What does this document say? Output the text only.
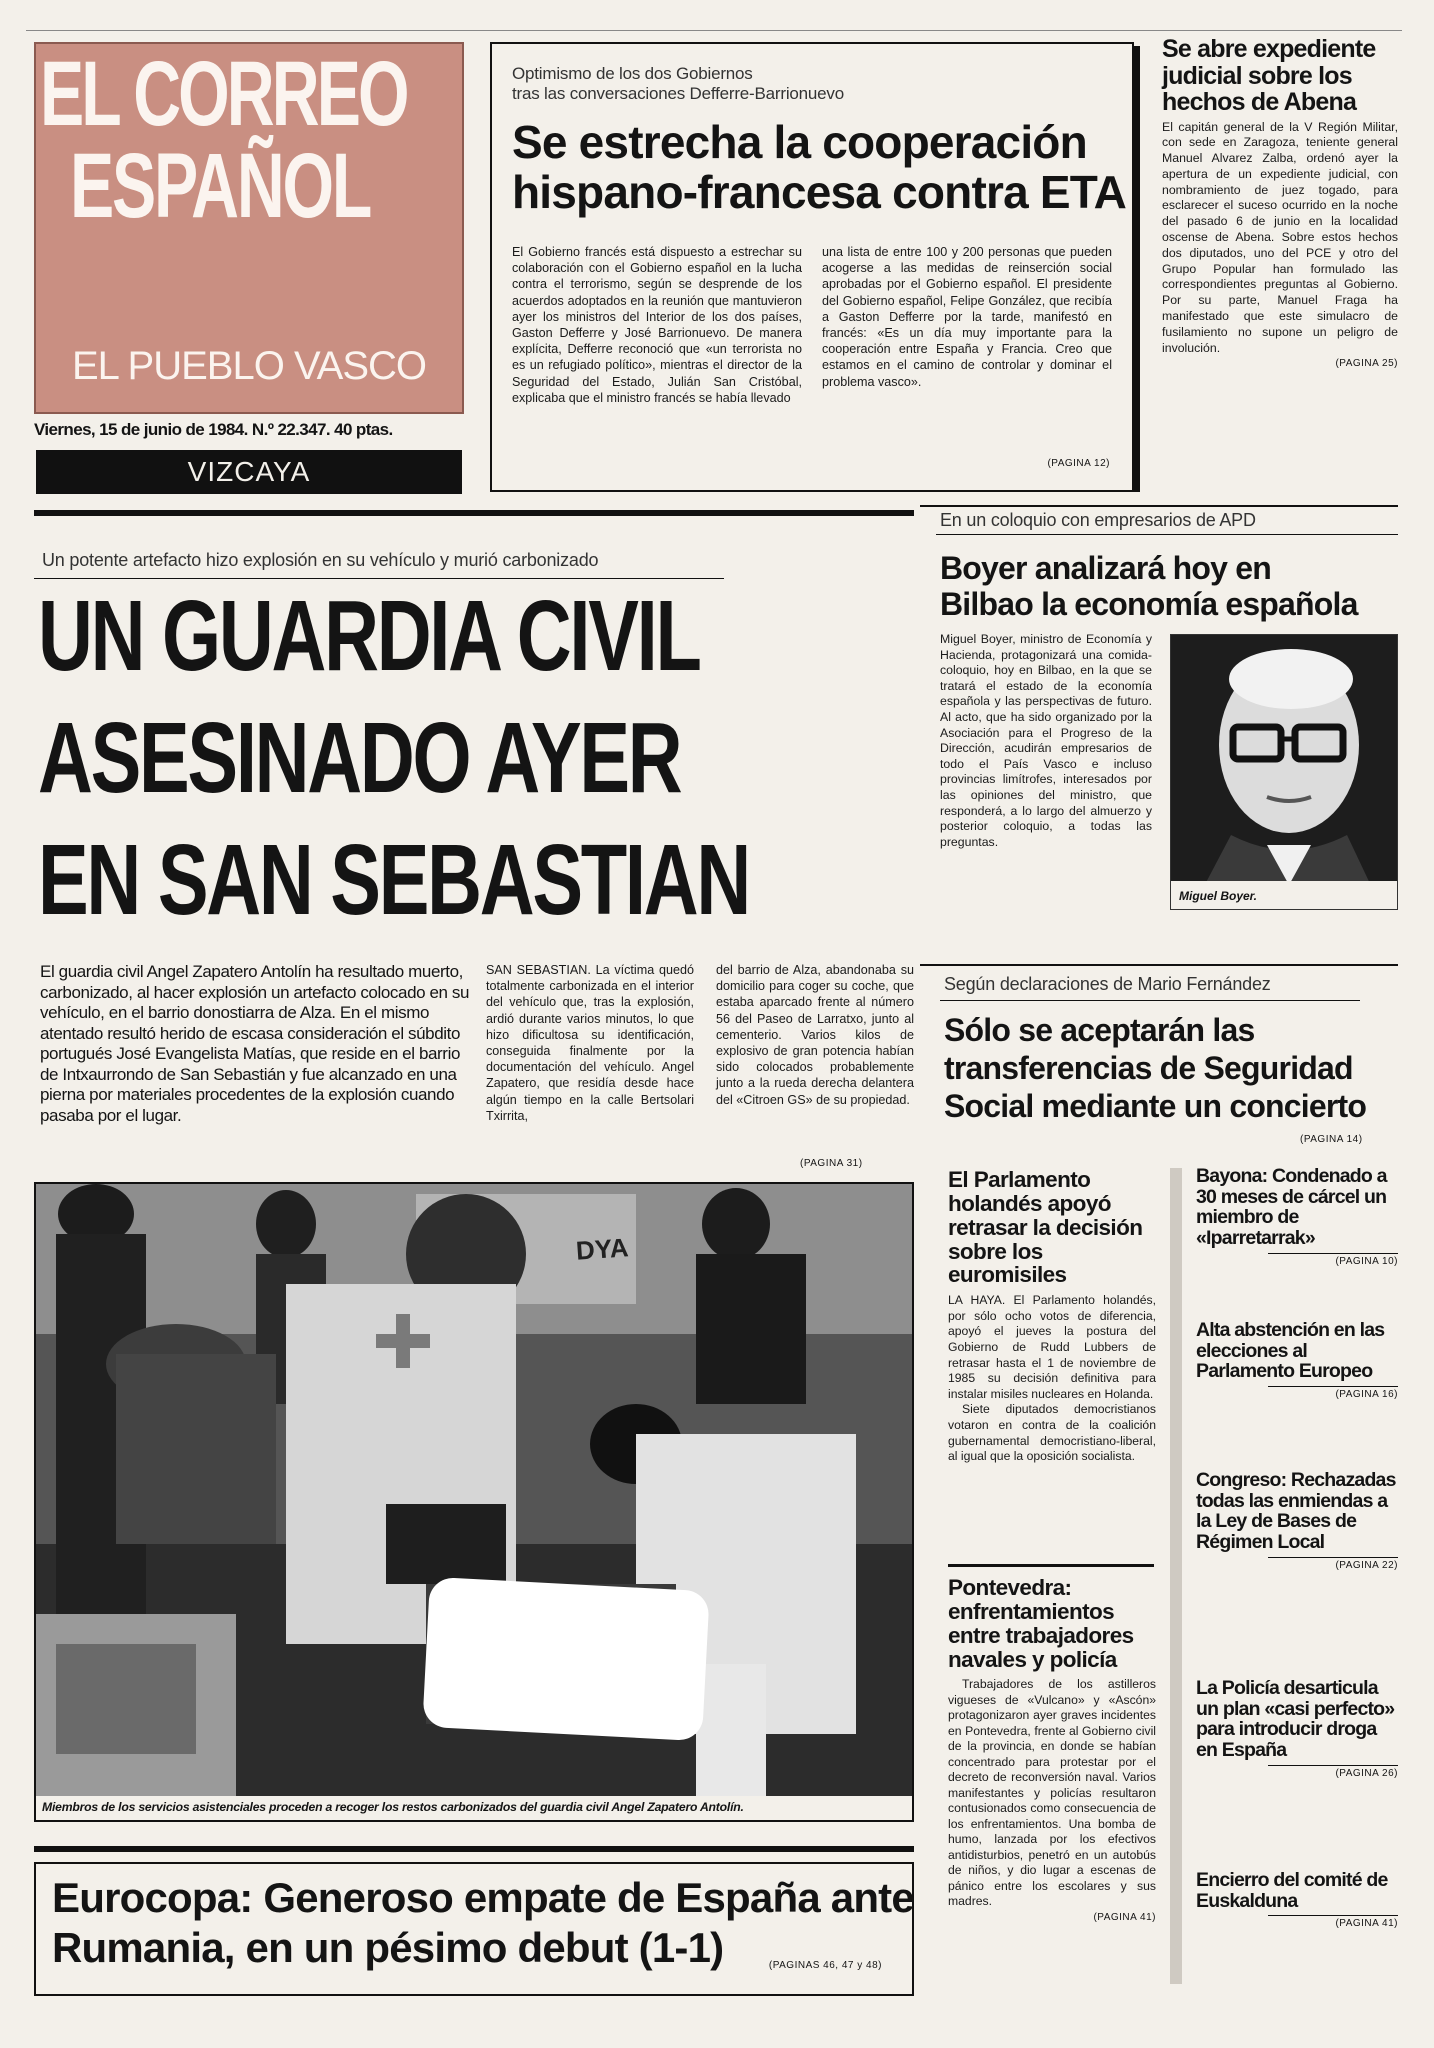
EL CORREO
ESPAÑOL
EL PUEBLO VASCO
Viernes, 15 de junio de 1984. N.º 22.347. 40 ptas.
VIZCAYA
Optimismo de los dos Gobiernos
tras las conversaciones Defferre-Barrionuevo
Se estrecha la cooperación
hispano-francesa contra ETA
El Gobierno francés está dispuesto a estrechar su colaboración con el Gobierno español en la lucha contra el terrorismo, según se desprende de los acuerdos adoptados en la reunión que mantuvieron ayer los ministros del Interior de los dos países, Gaston Defferre y José Barrionuevo. De manera explícita, Defferre reconoció que «un terrorista no es un refugiado político», mientras el director de la Seguridad del Estado, Julián San Cristóbal, explicaba que el ministro francés se había llevado
una lista de entre 100 y 200 personas que pueden acogerse a las medidas de reinserción social aprobadas por el Gobierno español. El presidente del Gobierno español, Felipe González, que recibía a Gaston Defferre por la tarde, manifestó en francés: «Es un día muy importante para la cooperación entre España y Francia. Creo que estamos en el camino de controlar y dominar el problema vasco».
(PAGINA 12)
Se abre expediente judicial sobre los hechos de Abena
El capitán general de la V Región Militar, con sede en Zaragoza, teniente general Manuel Alvarez Zalba, ordenó ayer la apertura de un expediente judicial, con nombramiento de juez togado, para esclarecer el suceso ocurrido en la noche del pasado 6 de junio en la localidad oscense de Abena. Sobre estos hechos dos diputados, uno del PCE y otro del Grupo Popular han formulado las correspondientes preguntas al Gobierno. Por su parte, Manuel Fraga ha manifestado que este simulacro de fusilamiento no supone un peligro de involución.
(PAGINA 25)
Un potente artefacto hizo explosión en su vehículo y murió carbonizado
UN GUARDIA CIVIL
ASESINADO AYER
EN SAN SEBASTIAN
El guardia civil Angel Zapatero Antolín ha resultado muerto, carbonizado, al hacer explosión un artefacto colocado en su vehículo, en el barrio donostiarra de Alza. En el mismo atentado resultó herido de escasa consideración el súbdito portugués José Evangelista Matías, que reside en el barrio de Intxaurrondo de San Sebastián y fue alcanzado en una pierna por materiales procedentes de la explosión cuando pasaba por el lugar.
SAN SEBASTIAN. La víctima quedó totalmente carbonizada en el interior del vehículo que, tras la explosión, ardió durante varios minutos, lo que hizo dificultosa su identificación, conseguida finalmente por la documentación del vehículo. Angel Zapatero, que residía desde hace algún tiempo en la calle Bertsolari Txirrita,
del barrio de Alza, abandonaba su domicilio para coger su coche, que estaba aparcado frente al número 56 del Paseo de Larratxo, junto al cementerio. Varios kilos de explosivo de gran potencia habían sido colocados probablemente junto a la rueda derecha delantera del «Citroen GS» de su propiedad.
(PAGINA 31)
DYA
Miembros de los servicios asistenciales proceden a recoger los restos carbonizados del guardia civil Angel Zapatero Antolín.
Eurocopa: Generoso empate de España ante
Rumania, en un pésimo debut (1-1)	(PAGINAS 46, 47 y 48)
En un coloquio con empresarios de APD
Boyer analizará hoy en
Bilbao la economía española
Miguel Boyer, ministro de Economía y Hacienda, protagonizará una comida-coloquio, hoy en Bilbao, en la que se tratará el estado de la economía española y las perspectivas de futuro. Al acto, que ha sido organizado por la Asociación para el Progreso de la Dirección, acudirán empresarios de todo el País Vasco e incluso provincias limítrofes, interesados por las opiniones del ministro, que responderá, a lo largo del almuerzo y posterior coloquio, a todas las preguntas.
Miguel Boyer.
Según declaraciones de Mario Fernández
Sólo se aceptarán las
transferencias de Seguridad
Social mediante un concierto
(PAGINA 14)
El Parlamento holandés apoyó retrasar la decisión sobre los euromisiles
LA HAYA. El Parlamento holandés, por sólo ocho votos de diferencia, apoyó el jueves la postura del Gobierno de Rudd Lubbers de retrasar hasta el 1 de noviembre de 1985 su decisión definitiva para instalar misiles nucleares en Holanda.
Siete diputados democristianos votaron en contra de la coalición gubernamental democristiano-liberal, al igual que la oposición socialista.
Pontevedra: enfrentamientos entre trabajadores navales y policía
Trabajadores de los astilleros vigueses de «Vulcano» y «Ascón» protagonizaron ayer graves incidentes en Pontevedra, frente al Gobierno civil de la provincia, en donde se habían concentrado para protestar por el decreto de reconversión naval. Varios manifestantes y policías resultaron contusionados como consecuencia de los enfrentamientos. Una bomba de humo, lanzada por los efectivos antidisturbios, penetró en un autobús de niños, y dio lugar a escenas de pánico entre los escolares y sus madres.
(PAGINA 41)
Bayona: Condenado a 30 meses de cárcel un miembro de «Iparretarrak»
(PAGINA 10)
Alta abstención en las elecciones al Parlamento Europeo
(PAGINA 16)
Congreso: Rechazadas todas las enmiendas a la Ley de Bases de Régimen Local
(PAGINA 22)
La Policía desarticula un plan «casi perfecto» para introducir droga en España
(PAGINA 26)
Encierro del comité de Euskalduna
(PAGINA 41)
